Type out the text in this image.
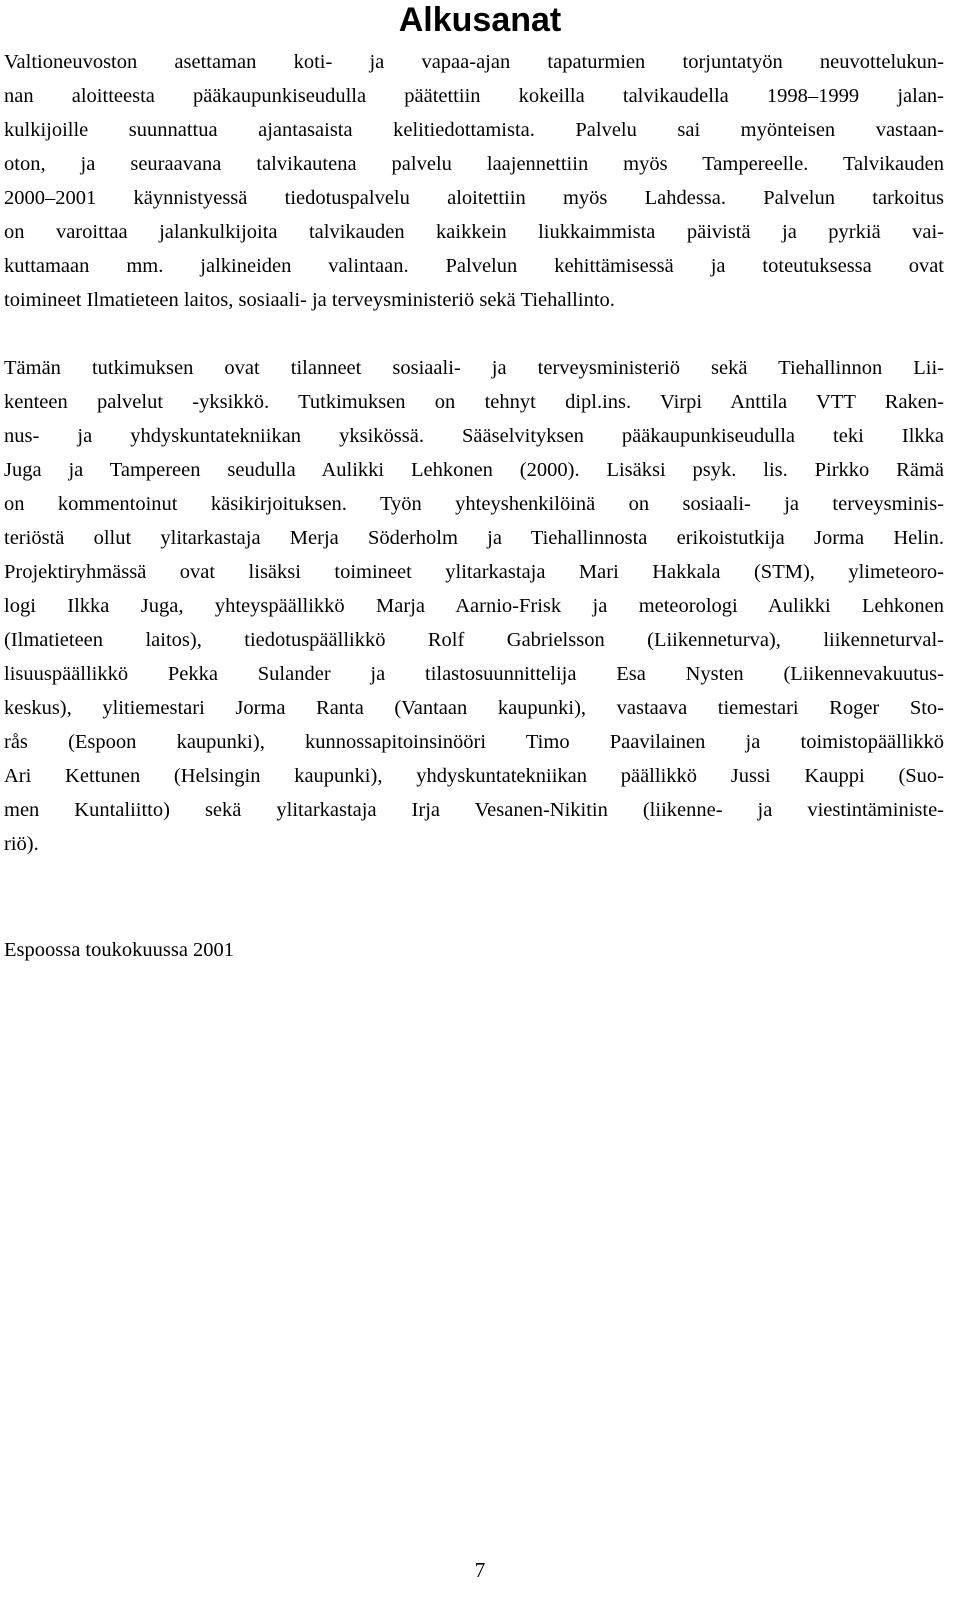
Alkusanat
Valtioneuvoston asettaman koti- ja vapaa-ajan tapaturmien torjuntatyön neuvottelukun-
nan aloitteesta pääkaupunkiseudulla päätettiin kokeilla talvikaudella 1998–1999 jalan-
kulkijoille suunnattua ajantasaista kelitiedottamista. Palvelu sai myönteisen vastaan-
oton, ja seuraavana talvikautena palvelu laajennettiin myös Tampereelle. Talvikauden
2000–2001 käynnistyessä tiedotuspalvelu aloitettiin myös Lahdessa. Palvelun tarkoitus
on varoittaa jalankulkijoita talvikauden kaikkein liukkaimmista päivistä ja pyrkiä vai-
kuttamaan mm. jalkineiden valintaan. Palvelun kehittämisessä ja toteutuksessa ovat
toimineet Ilmatieteen laitos, sosiaali- ja terveysministeriö sekä Tiehallinto.
Tämän tutkimuksen ovat tilanneet sosiaali- ja terveysministeriö sekä Tiehallinnon Lii-
kenteen palvelut -yksikkö. Tutkimuksen on tehnyt dipl.ins. Virpi Anttila VTT Raken-
nus- ja yhdyskuntatekniikan yksikössä. Sääselvityksen pääkaupunkiseudulla teki Ilkka
Juga ja Tampereen seudulla Aulikki Lehkonen (2000). Lisäksi psyk. lis. Pirkko Rämä
on kommentoinut käsikirjoituksen. Työn yhteyshenkilöinä on sosiaali- ja terveysminis-
teriöstä ollut ylitarkastaja Merja Söderholm ja Tiehallinnosta erikoistutkija Jorma Helin.
Projektiryhmässä ovat lisäksi toimineet ylitarkastaja Mari Hakkala (STM), ylimeteoro-
logi Ilkka Juga, yhteyspäällikkö Marja Aarnio-Frisk ja meteorologi Aulikki Lehkonen
(Ilmatieteen laitos), tiedotuspäällikkö Rolf Gabrielsson (Liikenneturva), liikenneturval-
lisuuspäällikkö Pekka Sulander ja tilastosuunnittelija Esa Nysten (Liikennevakuutus-
keskus), ylitiemestari Jorma Ranta (Vantaan kaupunki), vastaava tiemestari Roger Sto-
rås (Espoon kaupunki), kunnossapitoinsinööri Timo Paavilainen ja toimistopäällikkö
Ari Kettunen (Helsingin kaupunki), yhdyskuntatekniikan päällikkö Jussi Kauppi (Suo-
men Kuntaliitto) sekä ylitarkastaja Irja Vesanen-Nikitin (liikenne- ja viestintäministe-
riö).
Espoossa toukokuussa 2001
7
